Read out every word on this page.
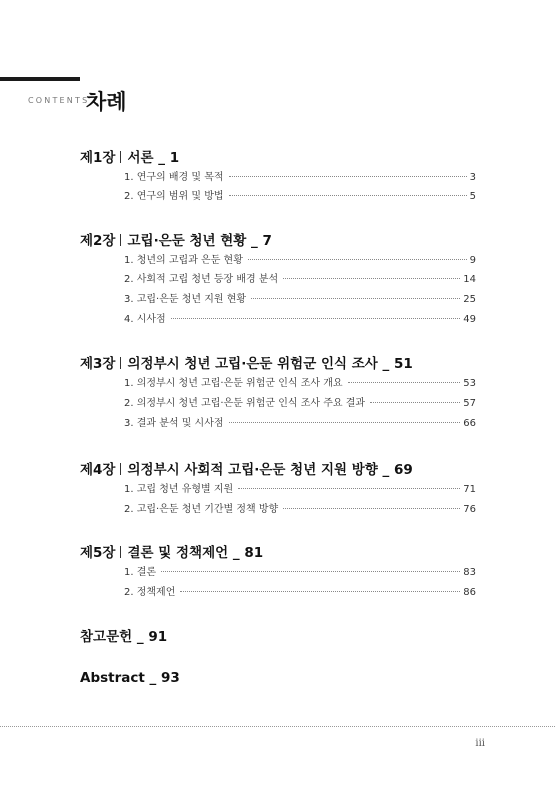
CONTENTS
차례
제1장 서론 _ 1
1. 연구의 배경 및 목적	3
2. 연구의 범위 및 방법	5
제2장 고립·은둔 청년 현황 _ 7
1. 청년의 고립과 은둔 현황	9
2. 사회적 고립 청년 등장 배경 분석	14
3. 고립·은둔 청년 지원 현황	25
4. 시사점	49
제3장 의정부시 청년 고립·은둔 위험군 인식 조사 _ 51
1. 의정부시 청년 고립·은둔 위험군 인식 조사 개요	53
2. 의정부시 청년 고립·은둔 위험군 인식 조사 주요 결과	57
3. 결과 분석 및 시사점	66
제4장 의정부시 사회적 고립·은둔 청년 지원 방향 _ 69
1. 고립 청년 유형별 지원	71
2. 고립·은둔 청년 기간별 정책 방향	76
제5장 결론 및 정책제언 _ 81
1. 결론	83
2. 정책제언	86
참고문헌 _ 91
Abstract _ 93
iii
